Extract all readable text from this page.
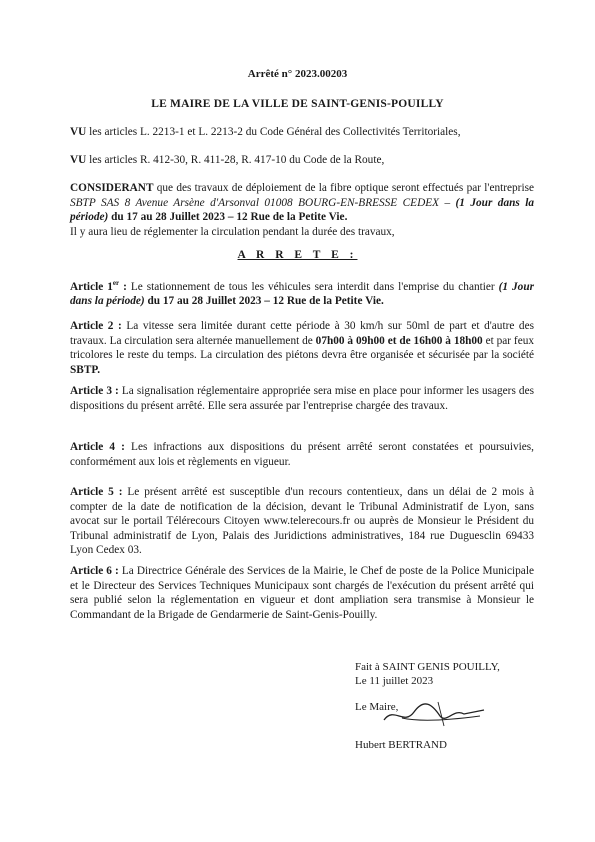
Arrêté n° 2023.00203
LE MAIRE DE LA VILLE DE SAINT-GENIS-POUILLY
VU les articles L. 2213-1 et L. 2213-2 du Code Général des Collectivités Territoriales,
VU les articles R. 412-30, R. 411-28, R. 417-10 du Code de la Route,
CONSIDERANT que des travaux de déploiement de la fibre optique seront effectués par l'entreprise SBTP SAS 8 Avenue Arsène d'Arsonval 01008 BOURG-EN-BRESSE CEDEX – (1 Jour dans la période) du 17 au 28 Juillet 2023 – 12 Rue de la Petite Vie.
Il y aura lieu de réglementer la circulation pendant la durée des travaux,
A R R E T E :
Article 1er : Le stationnement de tous les véhicules sera interdit dans l'emprise du chantier (1 Jour dans la période) du 17 au 28 Juillet 2023 – 12 Rue de la Petite Vie.
Article 2 : La vitesse sera limitée durant cette période à 30 km/h sur 50ml de part et d'autre des travaux. La circulation sera alternée manuellement de 07h00 à 09h00 et de 16h00 à 18h00 et par feux tricolores le reste du temps. La circulation des piétons devra être organisée et sécurisée par la société SBTP.
Article 3 : La signalisation réglementaire appropriée sera mise en place pour informer les usagers des dispositions du présent arrêté. Elle sera assurée par l'entreprise chargée des travaux.
Article 4 : Les infractions aux dispositions du présent arrêté seront constatées et poursuivies, conformément aux lois et règlements en vigueur.
Article 5 : Le présent arrêté est susceptible d'un recours contentieux, dans un délai de 2 mois à compter de la date de notification de la décision, devant le Tribunal Administratif de Lyon, sans avocat sur le portail Télérecours Citoyen www.telerecours.fr ou auprès de Monsieur le Président du Tribunal administratif de Lyon, Palais des Juridictions administratives, 184 rue Duguesclin 69433 Lyon Cedex 03.
Article 6 : La Directrice Générale des Services de la Mairie, le Chef de poste de la Police Municipale et le Directeur des Services Techniques Municipaux sont chargés de l'exécution du présent arrêté qui sera publié selon la réglementation en vigueur et dont ampliation sera transmise à Monsieur le Commandant de la Brigade de Gendarmerie de Saint-Genis-Pouilly.
Fait à SAINT GENIS POUILLY,
Le 11 juillet 2023
Le Maire,
Hubert BERTRAND
